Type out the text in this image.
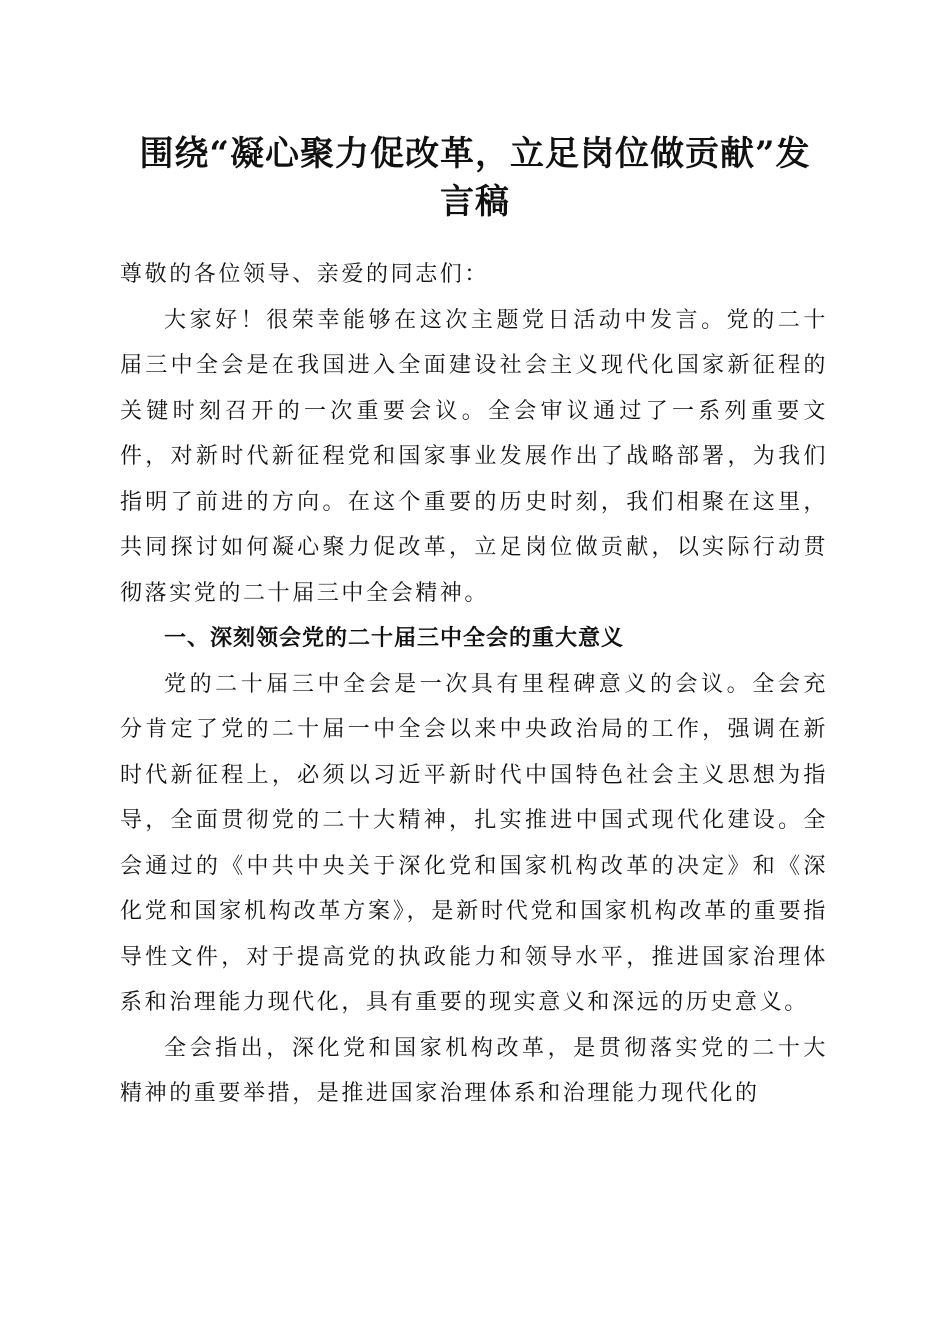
围绕“凝心聚力促改革，立足岗位做贡献”发
言稿

尊敬的各位领导、亲爱的同志们：

大家好！很荣幸能够在这次主题党日活动中发言。党的二十届三中全会是在我国进入全面建设社会主义现代化国家新征程的关键时刻召开的一次重要会议。全会审议通过了一系列重要文件，对新时代新征程党和国家事业发展作出了战略部署，为我们指明了前进的方向。在这个重要的历史时刻，我们相聚在这里，共同探讨如何凝心聚力促改革，立足岗位做贡献，以实际行动贯彻落实党的二十届三中全会精神。

一、深刻领会党的二十届三中全会的重大意义

党的二十届三中全会是一次具有里程碑意义的会议。全会充分肯定了党的二十届一中全会以来中央政治局的工作，强调在新时代新征程上，必须以习近平新时代中国特色社会主义思想为指导，全面贯彻党的二十大精神，扎实推进中国式现代化建设。全会通过的《中共中央关于深化党和国家机构改革的决定》和《深化党和国家机构改革方案》，是新时代党和国家机构改革的重要指导性文件，对于提高党的执政能力和领导水平，推进国家治理体系和治理能力现代化，具有重要的现实意义和深远的历史意义。

全会指出，深化党和国家机构改革，是贯彻落实党的二十大精神的重要举措，是推进国家治理体系和治理能力现代化的
